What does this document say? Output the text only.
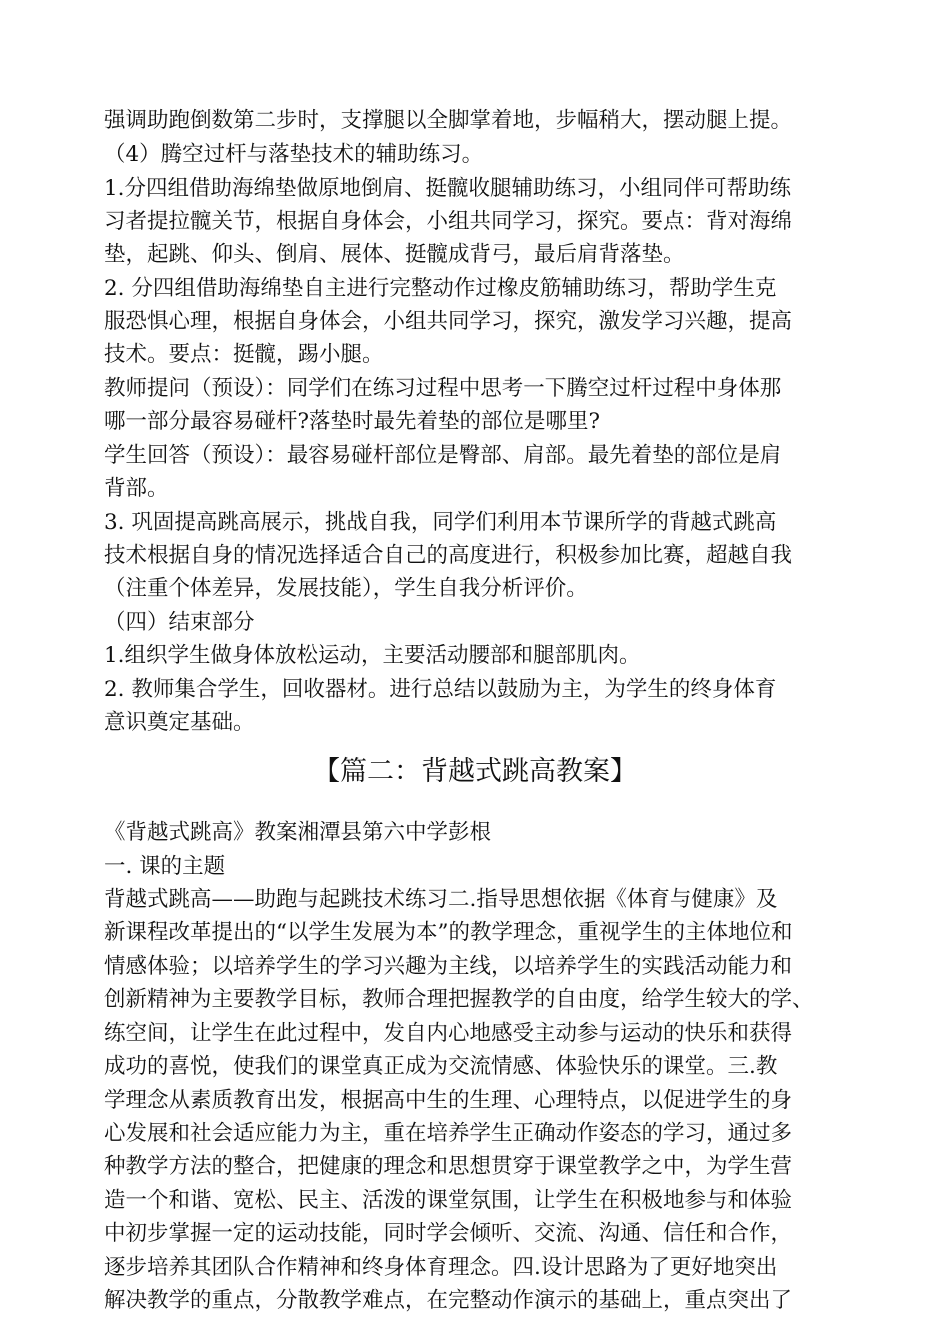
强调助跑倒数第二步时，支撑腿以全脚掌着地，步幅稍大，摆动腿上提。
（4）腾空过杆与落垫技术的辅助练习。
1.分四组借助海绵垫做原地倒肩、挺髋收腿辅助练习，小组同伴可帮助练
习者提拉髋关节，根据自身体会，小组共同学习，探究。要点：背对海绵
垫，起跳、仰头、倒肩、展体、挺髋成背弓，最后肩背落垫。
2. 分四组借助海绵垫自主进行完整动作过橡皮筋辅助练习，帮助学生克
服恐惧心理，根据自身体会，小组共同学习，探究，激发学习兴趣，提高
技术。要点：挺髋，踢小腿。
教师提问（预设）：同学们在练习过程中思考一下腾空过杆过程中身体那
哪一部分最容易碰杆?落垫时最先着垫的部位是哪里?
学生回答（预设）：最容易碰杆部位是臀部、肩部。最先着垫的部位是肩
背部。
3. 巩固提高跳高展示，挑战自我，同学们利用本节课所学的背越式跳高
技术根据自身的情况选择适合自己的高度进行，积极参加比赛，超越自我
（注重个体差异，发展技能），学生自我分析评价。
（四）结束部分
1.组织学生做身体放松运动，主要活动腰部和腿部肌肉。
2. 教师集合学生，回收器材。进行总结以鼓励为主，为学生的终身体育
意识奠定基础。
【篇二：背越式跳高教案】
《背越式跳高》教案湘潭县第六中学彭根
一. 课的主题
背越式跳高——助跑与起跳技术练习二.指导思想依据《体育与健康》及
新课程改革提出的“以学生发展为本”的教学理念，重视学生的主体地位和
情感体验；以培养学生的学习兴趣为主线，以培养学生的实践活动能力和
创新精神为主要教学目标，教师合理把握教学的自由度，给学生较大的学、
练空间，让学生在此过程中，发自内心地感受主动参与运动的快乐和获得
成功的喜悦，使我们的课堂真正成为交流情感、体验快乐的课堂。三.教
学理念从素质教育出发，根据高中生的生理、心理特点，以促进学生的身
心发展和社会适应能力为主，重在培养学生正确动作姿态的学习，通过多
种教学方法的整合，把健康的理念和思想贯穿于课堂教学之中，为学生营
造一个和谐、宽松、民主、活泼的课堂氛围，让学生在积极地参与和体验
中初步掌握一定的运动技能，同时学会倾听、交流、沟通、信任和合作，
逐步培养其团队合作精神和终身体育理念。四.设计思路为了更好地突出
解决教学的重点，分散教学难点，在完整动作演示的基础上，重点突出了
